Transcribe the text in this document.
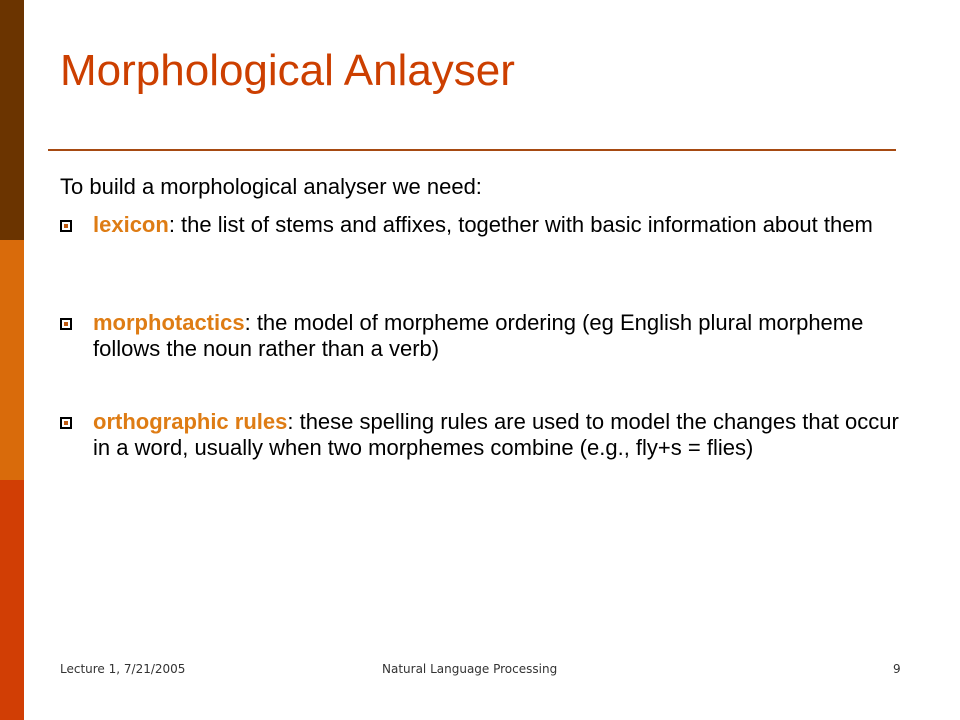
Morphological Anlayser
To build a morphological analyser we need:
lexicon: the list of stems and affixes, together with basic information about them
morphotactics: the model of morpheme ordering (eg English plural morpheme follows the noun rather than a verb)
orthographic rules: these spelling rules are used to model the changes that occur in a word, usually when two morphemes combine (e.g., fly+s = flies)
Lecture 1, 7/21/2005	Natural Language Processing	9
